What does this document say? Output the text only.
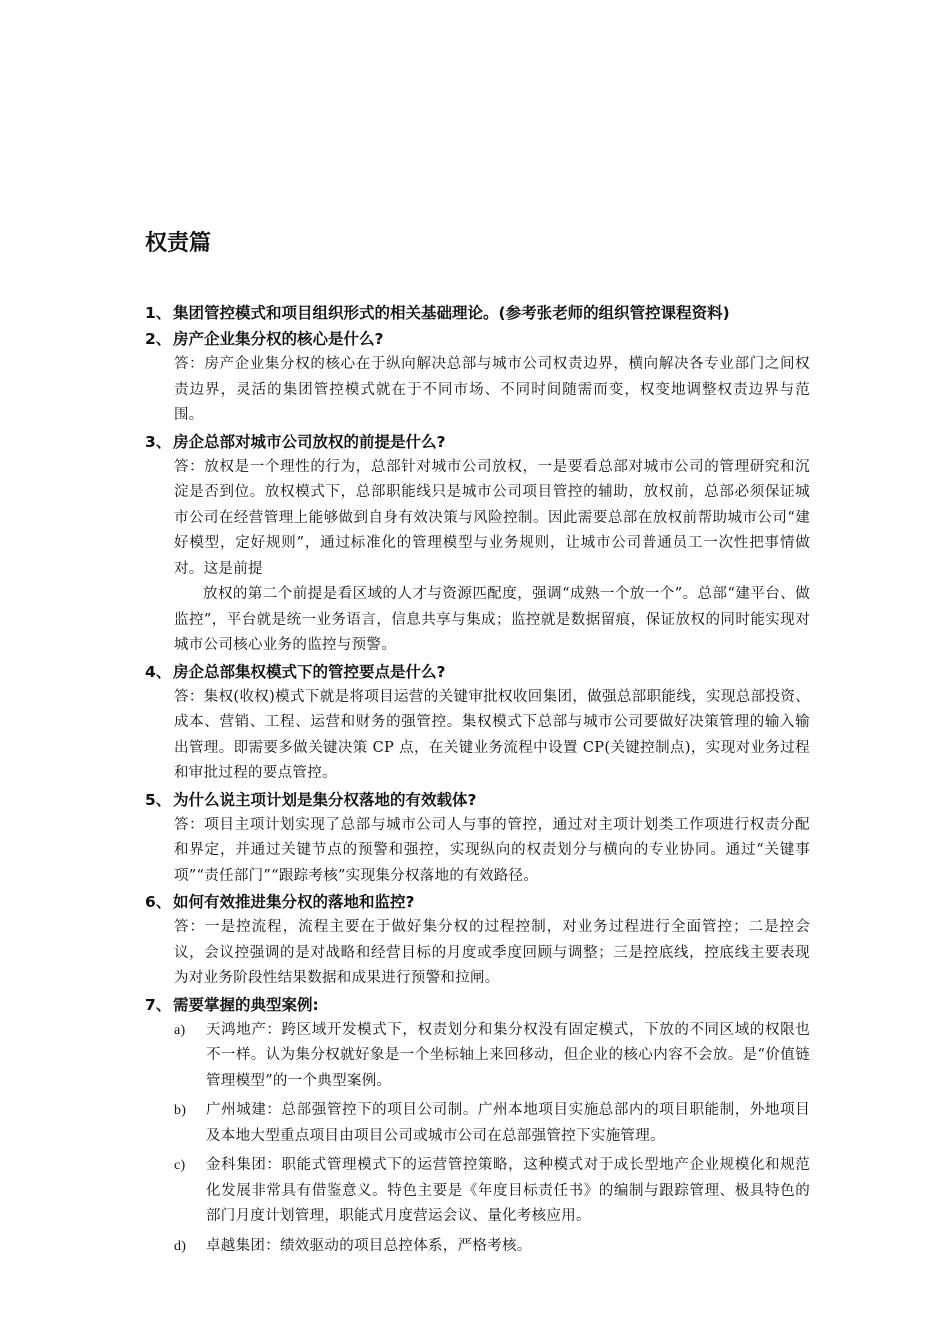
权责篇
1、 集团管控模式和项目组织形式的相关基础理论。(参考张老师的组织管控课程资料)
2、 房产企业集分权的核心是什么?

答：房产企业集分权的核心在于纵向解决总部与城市公司权责边界，横向解决各专业部门之间权责边界，灵活的集团管控模式就在于不同市场、不同时间随需而变，权变地调整权责边界与范围。

3、 房企总部对城市公司放权的前提是什么?

答：放权是一个理性的行为，总部针对城市公司放权，一是要看总部对城市公司的管理研究和沉淀是否到位。放权模式下，总部职能线只是城市公司项目管控的辅助，放权前，总部必须保证城市公司在经营管理上能够做到自身有效决策与风险控制。因此需要总部在放权前帮助城市公司“建好模型，定好规则”，通过标准化的管理模型与业务规则，让城市公司普通员工一次性把事情做对。这是前提

放权的第二个前提是看区域的人才与资源匹配度，强调“成熟一个放一个”。总部“建平台、做监控”，平台就是统一业务语言，信息共享与集成；监控就是数据留痕，保证放权的同时能实现对城市公司核心业务的监控与预警。

4、 房企总部集权模式下的管控要点是什么?

答：集权(收权)模式下就是将项目运营的关键审批权收回集团，做强总部职能线，实现总部投资、成本、营销、工程、运营和财务的强管控。集权模式下总部与城市公司要做好决策管理的输入输出管理。即需要多做关键决策 CP 点，在关键业务流程中设置 CP(关键控制点)，实现对业务过程和审批过程的要点管控。

5、 为什么说主项计划是集分权落地的有效载体?

答：项目主项计划实现了总部与城市公司人与事的管控，通过对主项计划类工作项进行权责分配和界定，并通过关键节点的预警和强控，实现纵向的权责划分与横向的专业协同。通过“关键事项”“责任部门”“跟踪考核”实现集分权落地的有效路径。

6、 如何有效推进集分权的落地和监控?

答：一是控流程，流程主要在于做好集分权的过程控制，对业务过程进行全面管控；二是控会议，会议控强调的是对战略和经营目标的月度或季度回顾与调整；三是控底线，控底线主要表现为对业务阶段性结果数据和成果进行预警和拉闸。

7、 需要掌握的典型案例:
a)	天鸿地产：跨区域开发模式下，权责划分和集分权没有固定模式，下放的不同区域的权限也不一样。认为集分权就好象是一个坐标轴上来回移动，但企业的核心内容不会放。是“价值链管理模型”的一个典型案例。
b)	广州城建：总部强管控下的项目公司制。广州本地项目实施总部内的项目职能制，外地项目及本地大型重点项目由项目公司或城市公司在总部强管控下实施管理。
c)	金科集团：职能式管理模式下的运营管控策略，这种模式对于成长型地产企业规模化和规范化发展非常具有借鉴意义。特色主要是《年度目标责任书》的编制与跟踪管理、极具特色的部门月度计划管理，职能式月度营运会议、量化考核应用。
d)	卓越集团：绩效驱动的项目总控体系，严格考核。
